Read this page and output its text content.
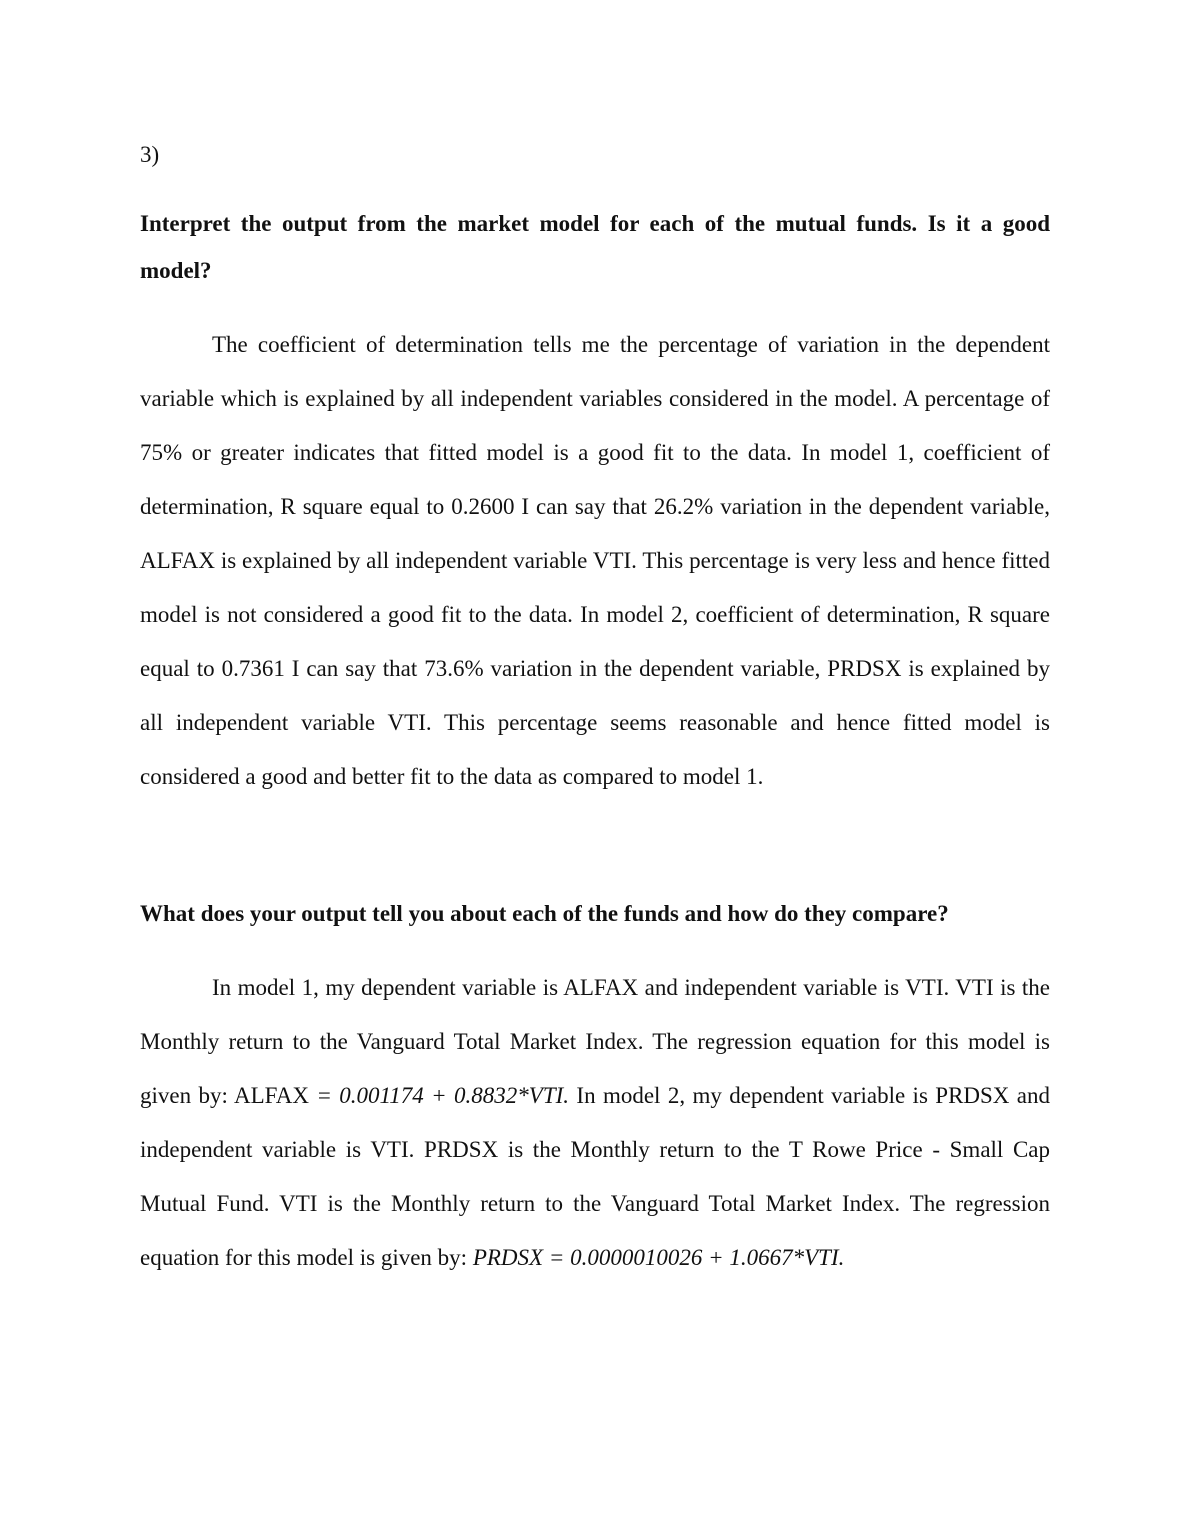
3)

Interpret the output from the market model for each of the mutual funds. Is it a good model?

The coefficient of determination tells me the percentage of variation in the dependent variable which is explained by all independent variables considered in the model. A percentage of 75% or greater indicates that fitted model is a good fit to the data. In model 1, coefficient of determination, R square equal to 0.2600 I can say that 26.2% variation in the dependent variable, ALFAX is explained by all independent variable VTI. This percentage is very less and hence fitted model is not considered a good fit to the data. In model 2, coefficient of determination, R square equal to 0.7361 I can say that 73.6% variation in the dependent variable, PRDSX is explained by all independent variable VTI. This percentage seems reasonable and hence fitted model is considered a good and better fit to the data as compared to model 1.

What does your output tell you about each of the funds and how do they compare?

In model 1, my dependent variable is ALFAX and independent variable is VTI. VTI is the Monthly return to the Vanguard Total Market Index. The regression equation for this model is given by: ALFAX = 0.001174 + 0.8832*VTI. In model 2, my dependent variable is PRDSX and independent variable is VTI. PRDSX is the Monthly return to the T Rowe Price - Small Cap Mutual Fund. VTI is the Monthly return to the Vanguard Total Market Index. The regression equation for this model is given by: PRDSX = 0.0000010026 + 1.0667*VTI.
